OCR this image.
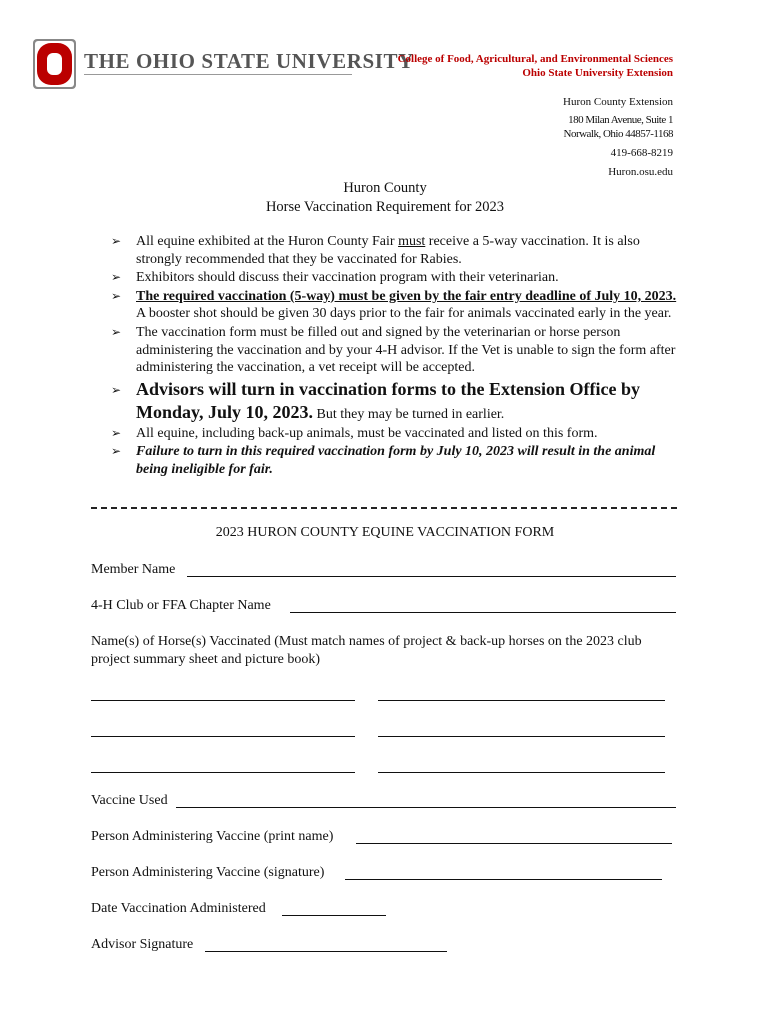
THE OHIO STATE UNIVERSITY
College of Food, Agricultural, and Environmental Sciences
Ohio State University Extension
Huron County Extension
180 Milan Avenue, Suite 1
Norwalk, Ohio 44857-1168
419-668-8219
Huron.osu.edu
Huron County
Horse Vaccination Requirement for 2023
➢ All equine exhibited at the Huron County Fair must receive a 5-way vaccination. It is also strongly recommended that they be vaccinated for Rabies.
➢ Exhibitors should discuss their vaccination program with their veterinarian.
➢ The required vaccination (5-way) must be given by the fair entry deadline of July 10, 2023. A booster shot should be given 30 days prior to the fair for animals vaccinated early in the year.
➢ The vaccination form must be filled out and signed by the veterinarian or horse person administering the vaccination and by your 4-H advisor. If the Vet is unable to sign the form after administering the vaccination, a vet receipt will be accepted.
➢ Advisors will turn in vaccination forms to the Extension Office by Monday, July 10, 2023. But they may be turned in earlier.
➢ All equine, including back-up animals, must be vaccinated and listed on this form.
➢ Failure to turn in this required vaccination form by July 10, 2023 will result in the animal being ineligible for fair.
2023 HURON COUNTY EQUINE VACCINATION FORM
Member Name
4-H Club or FFA Chapter Name
Name(s) of Horse(s) Vaccinated (Must match names of project & back-up horses on the 2023 club project summary sheet and picture book)
Vaccine Used
Person Administering Vaccine (print name)
Person Administering Vaccine (signature)
Date Vaccination Administered
Advisor Signature
